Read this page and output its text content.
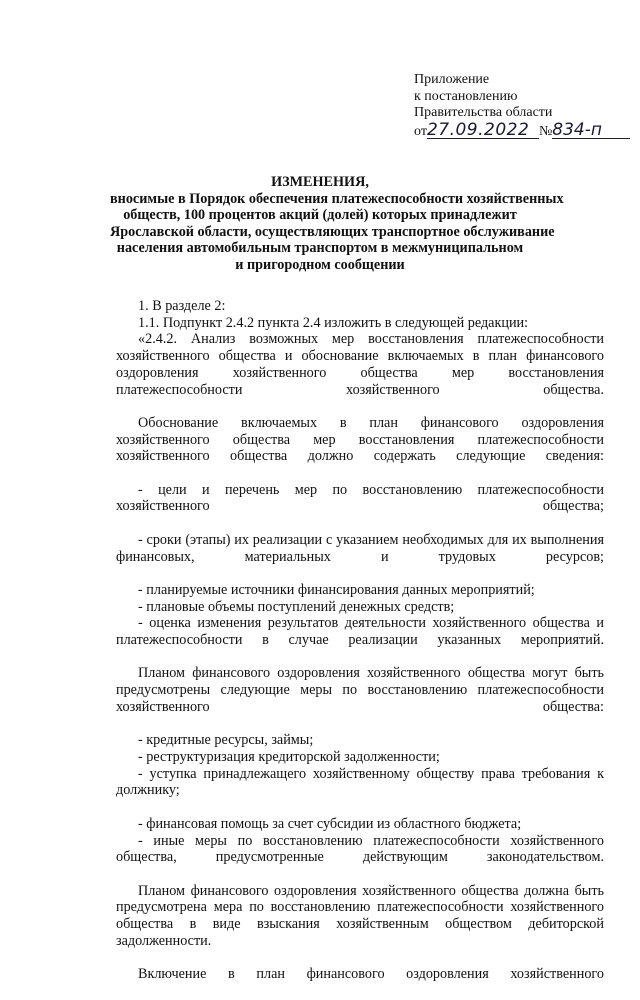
Приложение
к постановлению
Правительства области
от27.09.2022 №834-п
ИЗМЕНЕНИЯ,
вносимые в Порядок обеспечения платежеспособности хозяйственных
обществ, 100 процентов акций (долей) которых принадлежит
Ярославской области, осуществляющих транспортное обслуживание
населения автомобильным транспортом в межмуниципальном
и пригородном сообщении

1. В разделе 2:

1.1. Подпункт 2.4.2 пункта 2.4 изложить в следующей редакции:

«2.4.2. Анализ возможных мер восстановления платежеспособности хозяйственного общества и обоснование включаемых в план финансового оздоровления хозяйственного общества мер восстановления платежеспособности хозяйственного общества.

Обоснование включаемых в план финансового оздоровления хозяйственного общества мер восстановления платежеспособности хозяйственного общества должно содержать следующие сведения:

- цели и перечень мер по восстановлению платежеспособности хозяйственного общества;

- сроки (этапы) их реализации с указанием необходимых для их выполнения финансовых, материальных и трудовых ресурсов;

- планируемые источники финансирования данных мероприятий;

- плановые объемы поступлений денежных средств;

- оценка изменения результатов деятельности хозяйственного общества и платежеспособности в случае реализации указанных мероприятий.

Планом финансового оздоровления хозяйственного общества могут быть предусмотрены следующие меры по восстановлению платежеспособности хозяйственного общества:

- кредитные ресурсы, займы;

- реструктуризация кредиторской задолженности;

- уступка принадлежащего хозяйственному обществу права требования к должнику;

- финансовая помощь за счет субсидии из областного бюджета;

- иные меры по восстановлению платежеспособности хозяйственного общества, предусмотренные действующим законодательством.

Планом финансового оздоровления хозяйственного общества должна быть предусмотрена мера по восстановлению платежеспособности хозяйственного общества в виде взыскания хозяйственным обществом дебиторской задолженности.

Включение в план финансового оздоровления хозяйственного
